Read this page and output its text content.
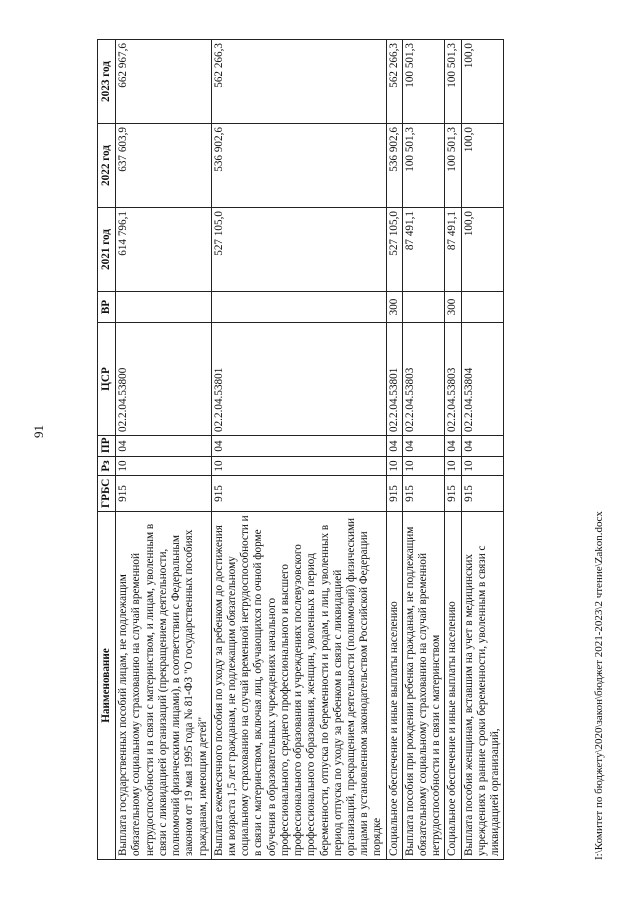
91
Наименование	ГРБС	Рз	ПР	ЦСР	ВР	2021 год	2022 год	2023 год
Выплата государственных пособий лицам, не подлежащим обязательному социальному страхованию на случай временной нетрудоспособности и в связи с материнством, и лицам, уволенным в связи с ликвидацией организаций (прекращением деятельности, полномочий физическими лицами), в соответствии с Федеральным законом от 19 мая 1995 года № 81-ФЗ "О государственных пособиях гражданам, имеющим детей"	915	10	04	02.2.04.53800		614 796,1	637 603,9	662 967,6
Выплата ежемесячного пособия по уходу за ребенком до достижения им возраста 1,5 лет гражданам, не подлежащим обязательному социальному страхованию на случай временной нетрудоспособности и в связи с материнством, включая лиц, обучающихся по очной форме обучения в образовательных учреждениях начального профессионального, среднего профессионального и высшего профессионального образования и учреждениях послевузовского профессионального образования, женщин, уволенных в период беременности, отпуска по беременности и родам, и лиц, уволенных в период отпуска по уходу за ребенком в связи с ликвидацией организаций, прекращением деятельности (полномочий) физическими лицами в установленном законодательством Российской Федерации порядке	915	10	04	02.2.04.53801		527 105,0	536 902,6	562 266,3
Социальное обеспечение и иные выплаты населению	915	10	04	02.2.04.53801	300	527 105,0	536 902,6	562 266,3
Выплата пособия при рождении ребенка гражданам, не подлежащим обязательному социальному страхованию на случай временной нетрудоспособности и в связи с материнством	915	10	04	02.2.04.53803		87 491,1	100 501,3	100 501,3
Социальное обеспечение и иные выплаты населению	915	10	04	02.2.04.53803	300	87 491,1	100 501,3	100 501,3
Выплата пособия женщинам, вставшим на учет в медицинских учреждениях в ранние сроки беременности, уволенным в связи с ликвидацией организаций,	915	10	04	02.2.04.53804		100,0	100,0	100,0
I:\Комитет по бюджету\2020\закон\бюджет 2021-2023\2 чтение\Zakon.docx
